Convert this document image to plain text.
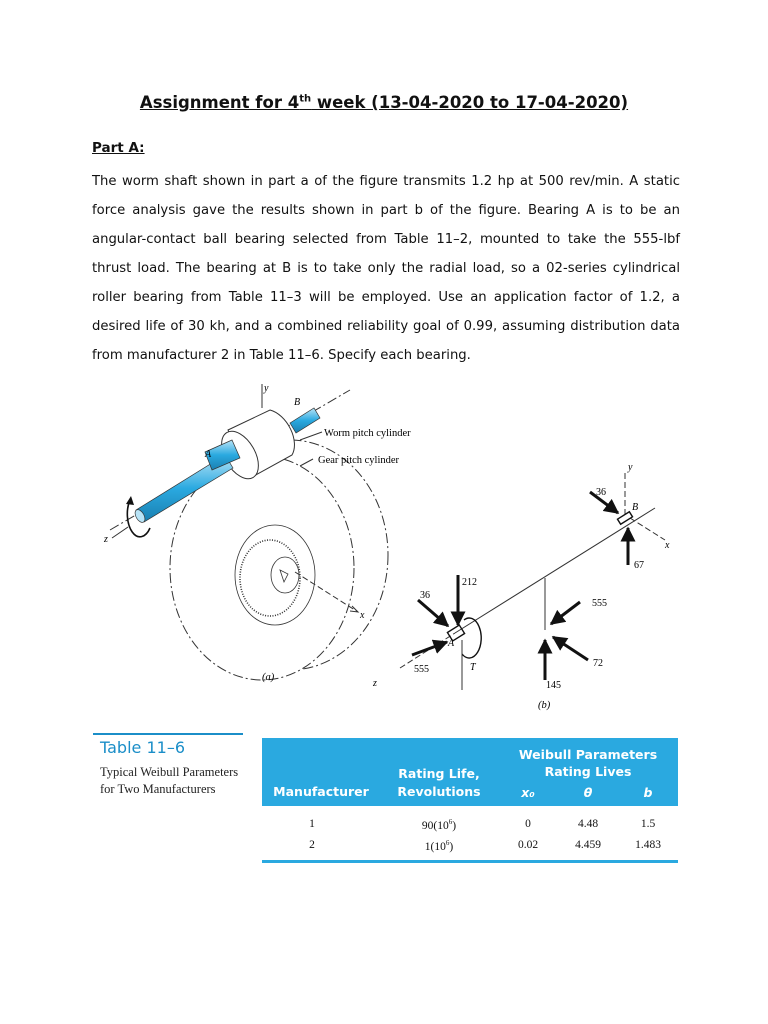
Assignment for 4th week (13-04-2020 to 17-04-2020)
Part A:
The worm shaft shown in part a of the figure transmits 1.2 hp at 500 rev/min. A static force analysis gave the results shown in part b of the figure. Bearing A is to be an angular-contact ball bearing selected from Table 11–2, mounted to take the 555-lbf thrust load. The bearing at B is to take only the radial load, so a 02-series cylindrical roller bearing from Table 11–3 will be employed. Use an application factor of 1.2, a desired life of 30 kh, and a combined reliability goal of 0.99, assuming distribution data from manufacturer 2 in Table 11–6. Specify each bearing.
y
B
A
z
x
Worm pitch cylinder
Gear pitch cylinder
(a)
y
x
z
B
A
T
36
67
212
36
555
555
72
145
(b)
Table 11–6
Typical Weibull Parameters for Two Manufacturers	Manufacturer
Rating Life,
Revolutions
Weibull Parameters
Rating Lives
x₀	θ	b
1	$90(10^6)$	0	4.48	1.5
2	$1(10^6)$	0.02	4.459	1.483
